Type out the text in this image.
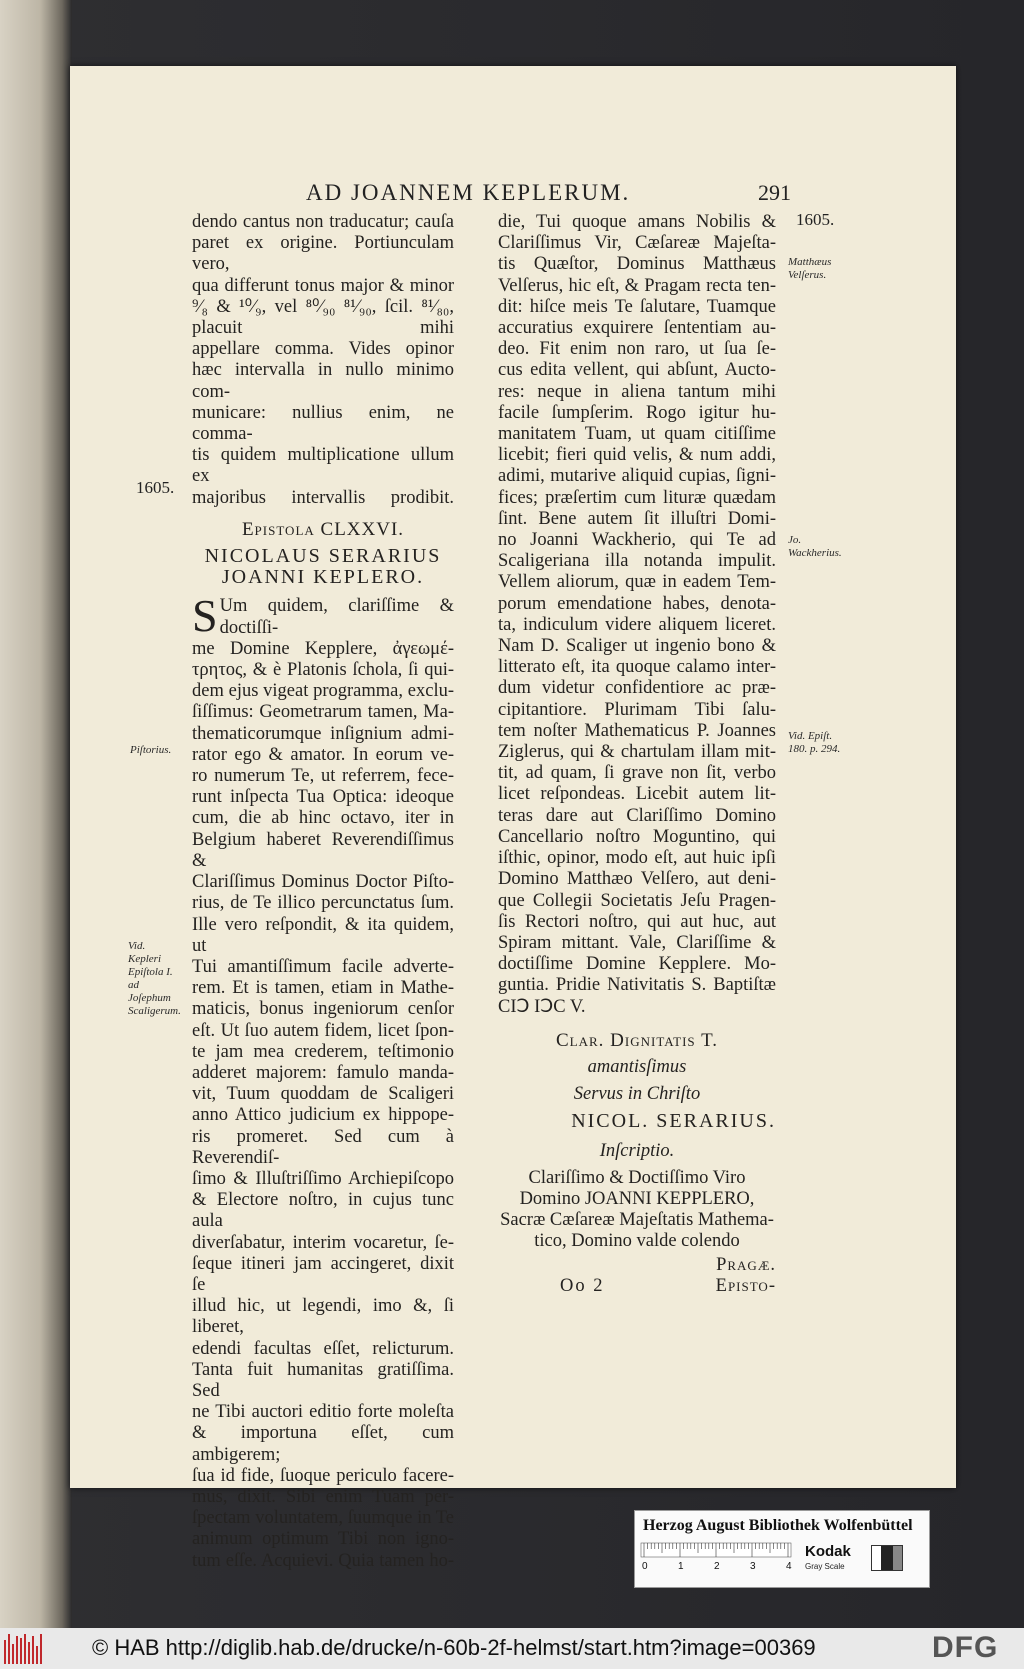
AD JOANNEM KEPLERUM.	291
1605.

dendo cantus non traducatur; cauſa

paret ex origine. Portiunculam vero,

qua differunt tonus major & minor

⁹⁄₈ & ¹⁰⁄₉, vel ⁸⁰⁄₉₀ ⁸¹⁄₉₀, ſcil. ⁸¹⁄₈₀, placuit mihi

appellare comma. Vides opinor

hæc intervalla in nullo minimo com-

municare: nullius enim, ne comma-

tis quidem multiplicatione ullum ex

majoribus intervallis prodibit.

Epistola CLXXVI.

NICOLAUS SERARIUS

JOANNI KEPLERO.

S Um quidem, clariſſime & doctiſſi-

me Domine Kepplere, ἀγεωμέ-

τρητος, & è Platonis ſchola, ſi qui-

dem ejus vigeat programma, exclu-

ſiſſimus: Geometrarum tamen, Ma-

thematicorumque inſignium admi-

rator ego & amator. In eorum ve-

ro numerum Te, ut referrem, fece-

runt inſpecta Tua Optica: ideoque

cum, die ab hinc octavo, iter in

Belgium haberet Reverendiſſimus &

Clariſſimus Dominus Doctor Piſto-

rius, de Te illico percunctatus ſum.

Ille vero reſpondit, & ita quidem, ut

Tui amantiſſimum facile adverte-

rem. Et is tamen, etiam in Mathe-

maticis, bonus ingeniorum cenſor

eſt. Ut ſuo autem fidem, licet ſpon-

te jam mea crederem, teſtimonio

adderet majorem: famulo manda-

vit, Tuum quoddam de Scaligeri

anno Attico judicium ex hippope-

ris promeret. Sed cum à Reverendiſ-

ſimo & Illuſtriſſimo Archiepiſcopo

& Electore noſtro, in cujus tunc aula

diverſabatur, interim vocaretur, ſe-

ſeque itineri jam accingeret, dixit ſe

illud hic, ut legendi, imo &, ſi liberet,

edendi facultas eſſet, relicturum.

Tanta fuit humanitas gratiſſima. Sed

ne Tibi auctori editio forte moleſta

& importuna eſſet, cum ambigerem;

ſua id fide, ſuoque periculo facere-

mus, dixit. Sibi enim Tuam per-

ſpectam voluntatem, ſuumque in Te

animum optimum Tibi non igno-

tum eſſe. Acquievi. Quia tamen ho-

1605.
Piſtorius.
Vid. Kepleri Epiſtola I. ad Joſephum Scaligerum.

die, Tui quoque amans Nobilis &

Clariſſimus Vir, Cæſareæ Majeſta-

tis Quæſtor, Dominus Matthæus

Velſerus, hic eſt, & Pragam recta ten-

dit: hiſce meis Te ſalutare, Tuamque

accuratius exquirere ſententiam au-

deo. Fit enim non raro, ut ſua ſe-

cus edita vellent, qui abſunt, Aucto-

res: neque in aliena tantum mihi

facile ſumpſerim. Rogo igitur hu-

manitatem Tuam, ut quam citiſſime

licebit; fieri quid velis, & num addi,

adimi, mutarive aliquid cupias, ſigni-

fices; præſertim cum lituræ quædam

ſint. Bene autem ſit illuſtri Domi-

no Joanni Wackherio, qui Te ad

Scaligeriana illa notanda impulit.

Vellem aliorum, quæ in eadem Tem-

porum emendatione habes, denota-

ta, indiculum videre aliquem liceret.

Nam D. Scaliger ut ingenio bono &

litterato eſt, ita quoque calamo inter-

dum videtur confidentiore ac præ-

cipitantiore. Plurimam Tibi ſalu-

tem noſter Mathematicus P. Joannes

Ziglerus, qui & chartulam illam mit-

tit, ad quam, ſi grave non ſit, verbo

licet reſpondeas. Licebit autem lit-

teras dare aut Clariſſimo Domino

Cancellario noſtro Moguntino, qui

iſthic, opinor, modo eſt, aut huic ipſi

Domino Matthæo Velſero, aut deni-

que Collegii Societatis Jeſu Pragen-

ſis Rectori noſtro, qui aut huc, aut

Spiram mittant. Vale, Clariſſime &

doctiſſime Domine Kepplere. Mo-

guntia. Pridie Nativitatis S. Baptiſtæ

CIↃ IↃC V.

Clar. Dignitatis T.

amantisſimus

Servus in Chriſto

NICOL. SERARIUS.

Inſcriptio.

Clariſſimo & Doctiſſimo Viro

Domino JOANNI KEPPLERO,

Sacræ Cæſareæ Majeſtatis Mathema-

tico, Domino valde colendo

Pragæ.

Oo 2	Episto-
Matthæus Velſerus.
Jo. Wackherius.
Vid. Epiſt. 180. p. 294.
Herzog August Bibliothek Wolfenbüttel
0	1	2	3	4
Kodak
Gray Scale
© HAB http://diglib.hab.de/drucke/n-60b-2f-helmst/start.htm?image=00369	DFG
